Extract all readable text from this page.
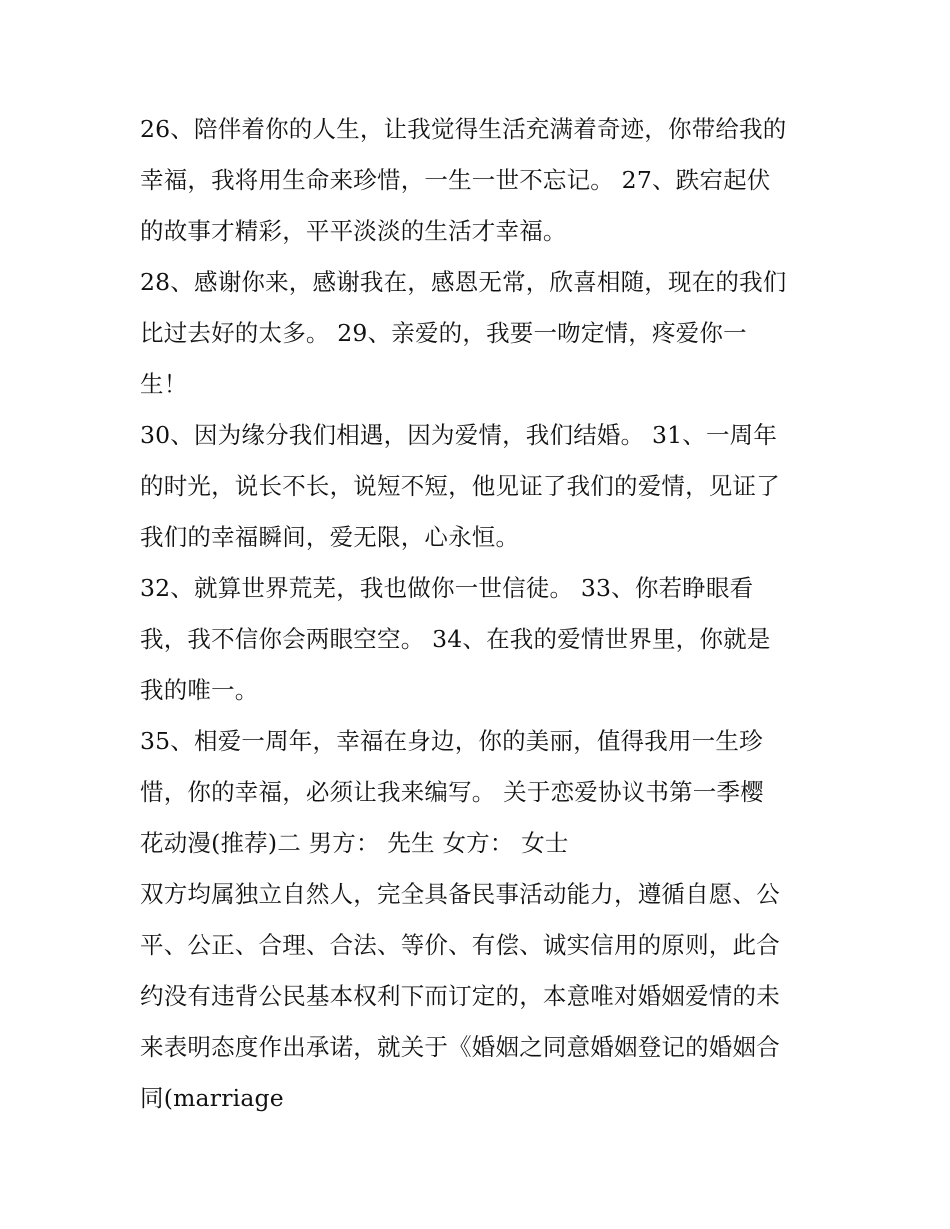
26、陪伴着你的人生，让我觉得生活充满着奇迹，你带给我的
幸福，我将用生命来珍惜，一生一世不忘记。 27、跌宕起伏
的故事才精彩，平平淡淡的生活才幸福。
28、感谢你来，感谢我在，感恩无常，欣喜相随，现在的我们
比过去好的太多。 29、亲爱的，我要一吻定情，疼爱你一
生！
30、因为缘分我们相遇，因为爱情，我们结婚。 31、一周年
的时光，说长不长，说短不短，他见证了我们的爱情，见证了
我们的幸福瞬间，爱无限，心永恒。
32、就算世界荒芜，我也做你一世信徒。 33、你若睁眼看
我，我不信你会两眼空空。 34、在我的爱情世界里，你就是
我的唯一。
35、相爱一周年，幸福在身边，你的美丽，值得我用一生珍
惜，你的幸福，必须让我来编写。 关于恋爱协议书第一季樱
花动漫(推荐)二 男方： 先生 女方： 女士
双方均属独立自然人，完全具备民事活动能力，遵循自愿、公
平、公正、合理、合法、等价、有偿、诚实信用的原则，此合
约没有违背公民基本权利下而订定的，本意唯对婚姻爱情的未
来表明态度作出承诺，就关于《婚姻之同意婚姻登记的婚姻合
同(marriage
